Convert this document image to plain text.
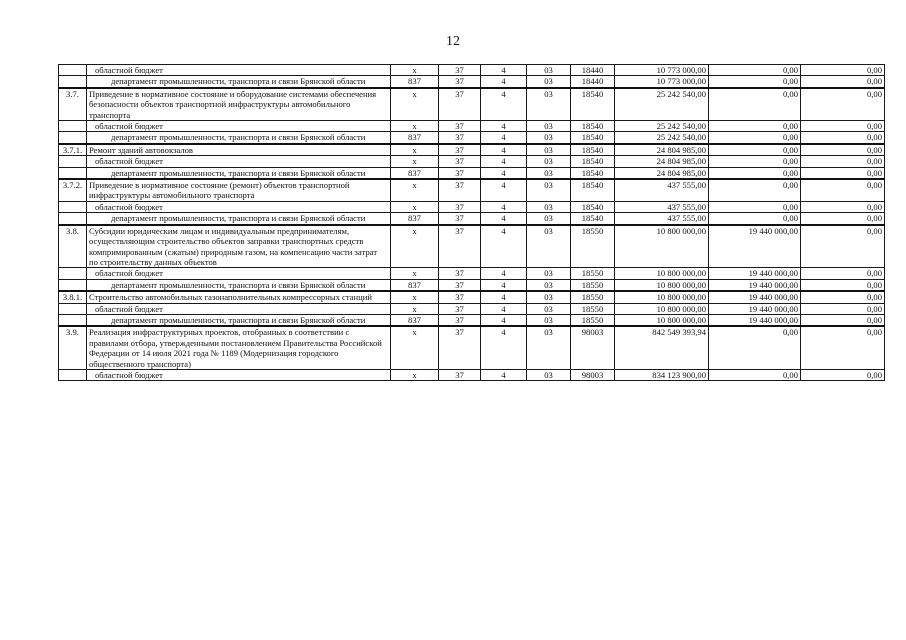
12
	областной бюджет	х	37	4	03	18440	10 773 000,00	0,00	0,00
	департамент промышленности, транспорта и связи Брянской области	837	37	4	03	18440	10 773 000,00	0,00	0,00
3.7.	Приведение в нормативное состояние и оборудование системами обеспечения безопасности объектов транспортной инфраструктуры автомобильного транспорта	х	37	4	03	18540	25 242 540,00	0,00	0,00
	областной бюджет	х	37	4	03	18540	25 242 540,00	0,00	0,00
	департамент промышленности, транспорта и связи Брянской области	837	37	4	03	18540	25 242 540,00	0,00	0,00
3.7.1.	Ремонт зданий автовокзалов	х	37	4	03	18540	24 804 985,00	0,00	0,00
	областной бюджет	х	37	4	03	18540	24 804 985,00	0,00	0,00
	департамент промышленности, транспорта и связи Брянской области	837	37	4	03	18540	24 804 985,00	0,00	0,00
3.7.2.	Приведение в нормативное состояние (ремонт) объектов транспортной инфраструктуры автомобильного транспорта	х	37	4	03	18540	437 555,00	0,00	0,00
	областной бюджет	х	37	4	03	18540	437 555,00	0,00	0,00
	департамент промышленности, транспорта и связи Брянской области	837	37	4	03	18540	437 555,00	0,00	0,00
3.8.	Субсидии юридическим лицам и индивидуальным предпринимателям, осуществляющим строительство объектов заправки транспортных средств компримированным (сжатым) природным газом, на компенсацию части затрат по строительству данных объектов	х	37	4	03	18550	10 800 000,00	19 440 000,00	0,00
	областной бюджет	х	37	4	03	18550	10 800 000,00	19 440 000,00	0,00
	департамент промышленности, транспорта и связи Брянской области	837	37	4	03	18550	10 800 000,00	19 440 000,00	0,00
3.8.1.	Строительство автомобильных газонаполнительных компрессорных станций	х	37	4	03	18550	10 800 000,00	19 440 000,00	0,00
	областной бюджет	х	37	4	03	18550	10 800 000,00	19 440 000,00	0,00
	департамент промышленности, транспорта и связи Брянской области	837	37	4	03	18550	10 800 000,00	19 440 000,00	0,00
3.9.	Реализация инфраструктурных проектов, отобранных в соответствии с правилами отбора, утвержденными постановлением Правительства Российской Федерации от 14 июля 2021 года № 1189 (Модернизация городского общественного транспорта)	х	37	4	03	98003	842 549 393,94	0,00	0,00
	областной бюджет	х	37	4	03	98003	834 123 900,00	0,00	0,00
